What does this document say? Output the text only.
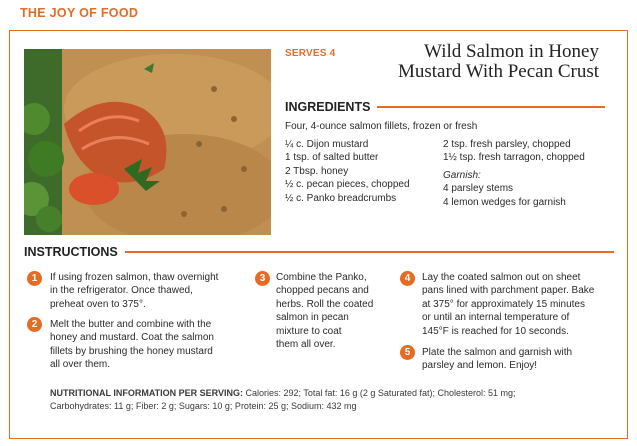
THE JOY OF FOOD
SERVES 4	Wild Salmon in Honey
Mustard With Pecan Crust
INGREDIENTS
Four, 4-ounce salmon fillets, frozen or fresh
¼ c. Dijon mustard
1 tsp. of salted butter
2 Tbsp. honey
½ c. pecan pieces, chopped
½ c. Panko breadcrumbs
2 tsp. fresh parsley, chopped
1½ tsp. fresh tarragon, chopped
Garnish:
4 parsley stems
4 lemon wedges for garnish
INSTRUCTIONS
1	If using frozen salmon, thaw overnight
in the refrigerator. Once thawed,
preheat oven to 375°.
2	Melt the butter and combine with the
honey and mustard. Coat the salmon
fillets by brushing the honey mustard
all over them.
3	Combine the Panko,
chopped pecans and
herbs. Roll the coated
salmon in pecan
mixture to coat
them all over.
4	Lay the coated salmon out on sheet
pans lined with parchment paper. Bake
at 375° for approximately 15 minutes
or until an internal temperature of
145°F is reached for 10 seconds.
5	Plate the salmon and garnish with
parsley and lemon. Enjoy!
NUTRITIONAL INFORMATION PER SERVING: Calories: 292; Total fat: 16 g (2 g Saturated fat); Cholesterol: 51 mg;
Carbohydrates: 11 g; Fiber: 2 g; Sugars: 10 g; Protein: 25 g; Sodium: 432 mg
